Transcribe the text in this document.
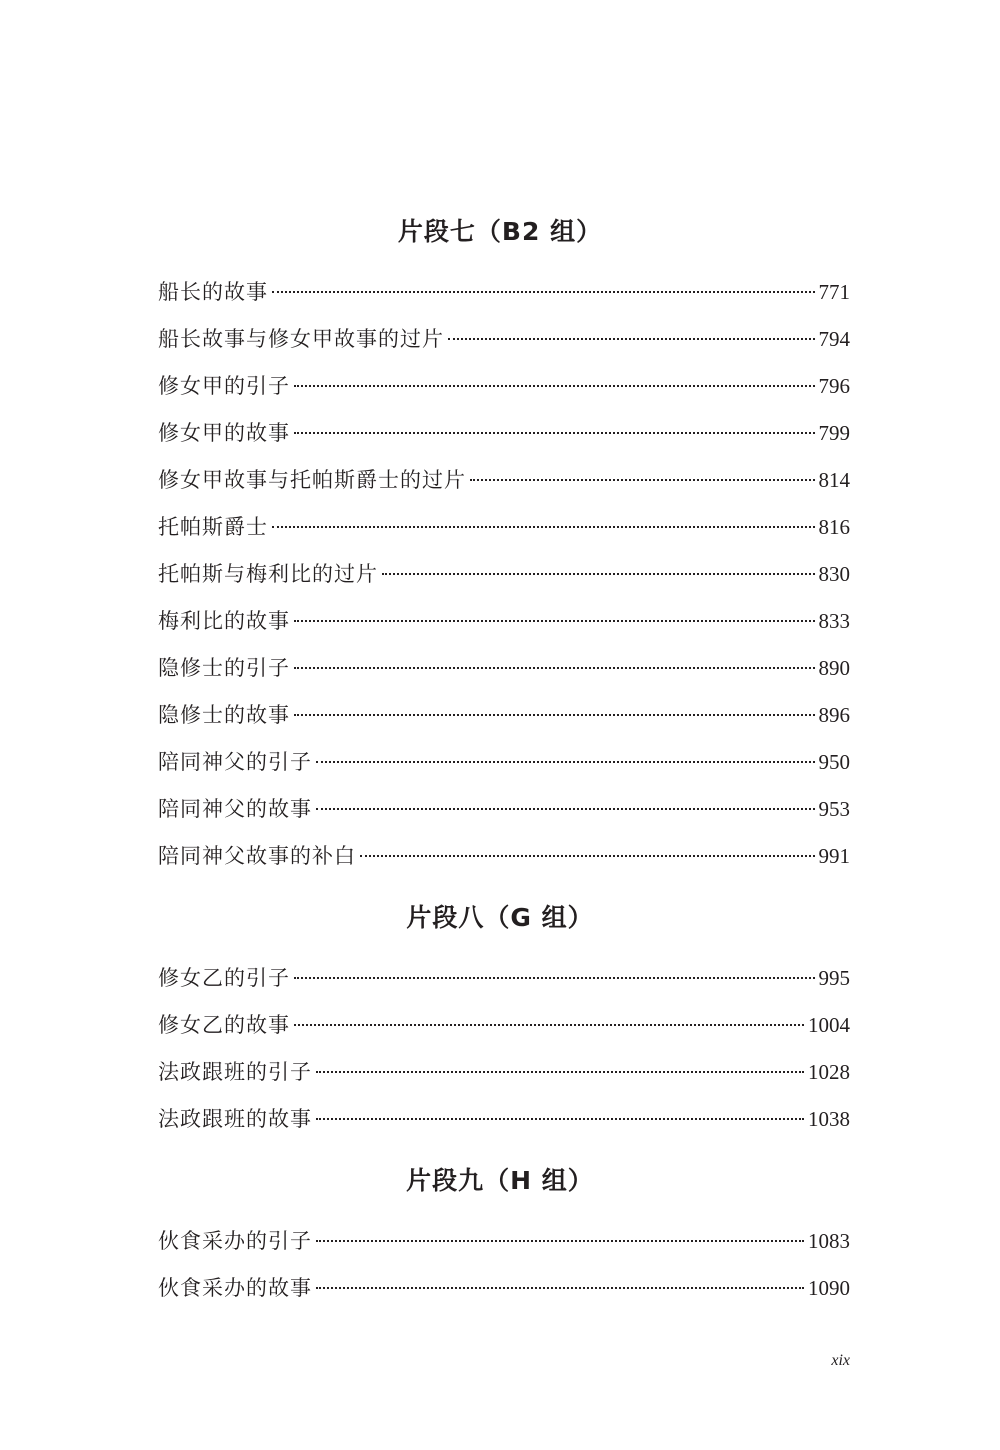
片段七（B2 组）
船长的故事	771
船长故事与修女甲故事的过片	794
修女甲的引子	796
修女甲的故事	799
修女甲故事与托帕斯爵士的过片	814
托帕斯爵士	816
托帕斯与梅利比的过片	830
梅利比的故事	833
隐修士的引子	890
隐修士的故事	896
陪同神父的引子	950
陪同神父的故事	953
陪同神父故事的补白	991
片段八（G 组）
修女乙的引子	995
修女乙的故事	1004
法政跟班的引子	1028
法政跟班的故事	1038
片段九（H 组）
伙食采办的引子	1083
伙食采办的故事	1090
xix
